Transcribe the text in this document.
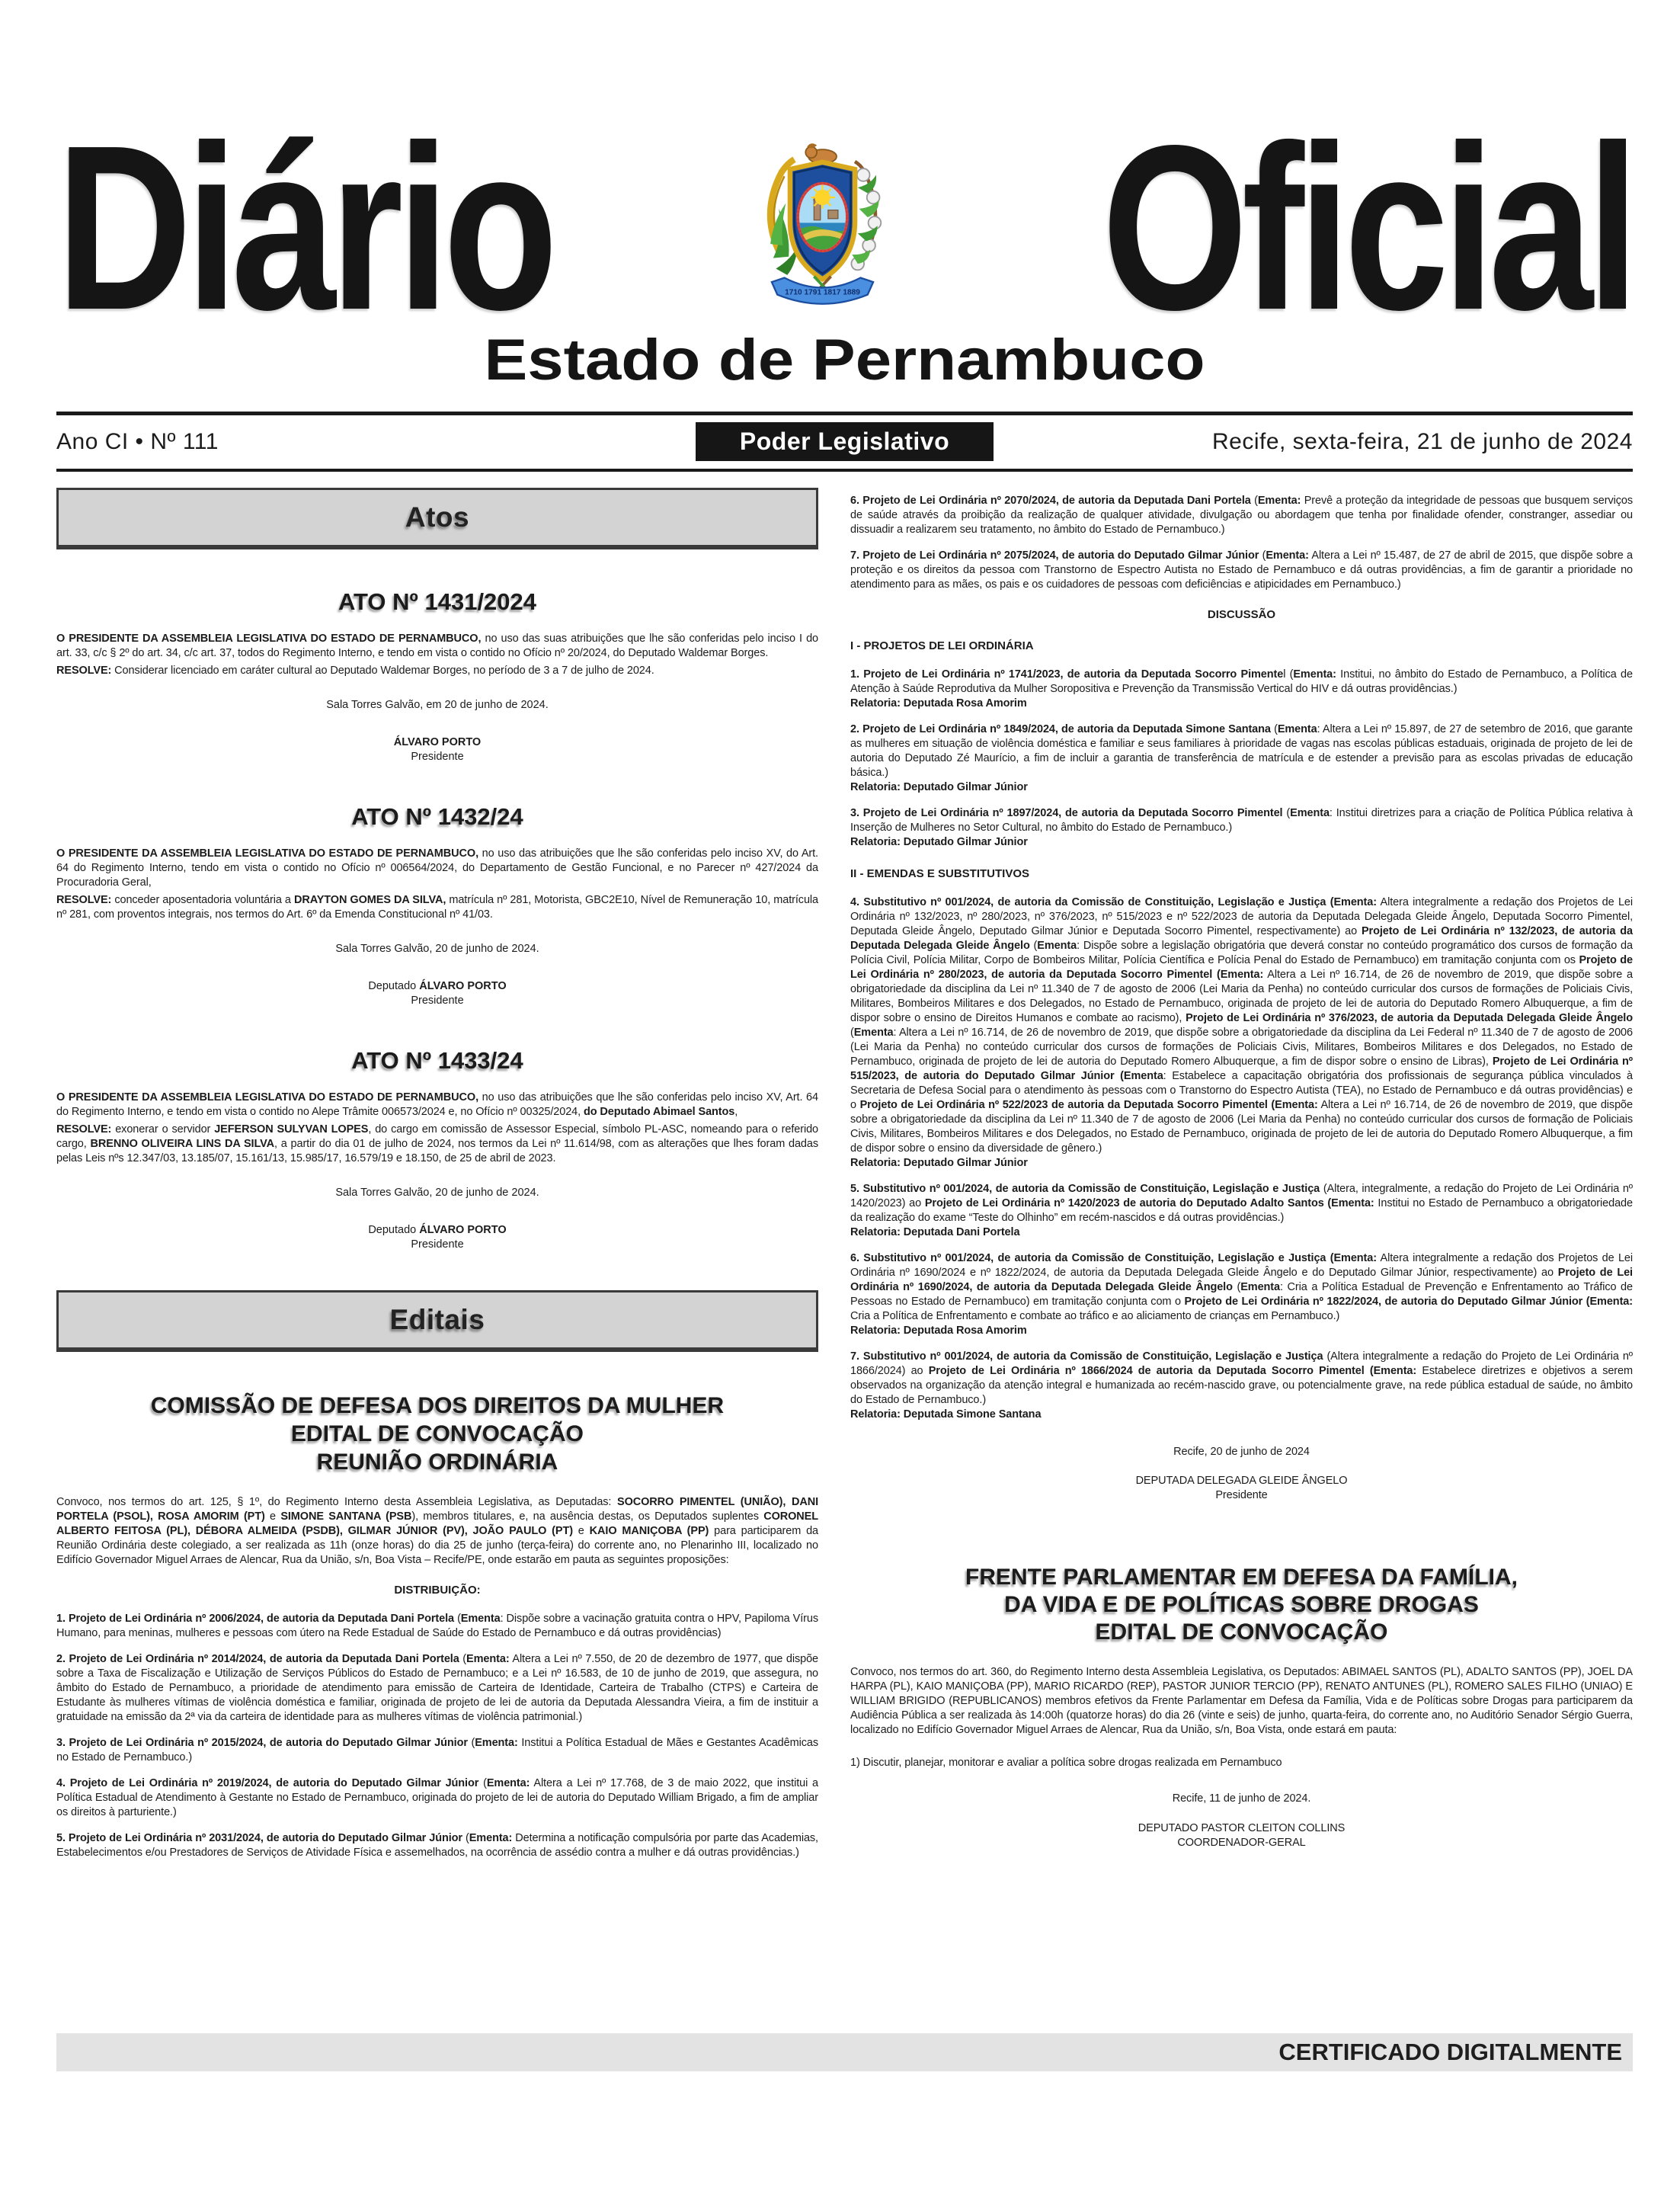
Diário	1710 1791 1817 1889 Oficial
Estado de Pernambuco
Ano CI • Nº 111	Poder Legislativo	Recife, sexta-feira, 21 de junho de 2024
Atos
ATO Nº 1431/2024

O PRESIDENTE DA ASSEMBLEIA LEGISLATIVA DO ESTADO DE PERNAMBUCO, no uso das suas atribuições que lhe são conferidas pelo inciso I do art. 33, c/c § 2º do art. 34, c/c art. 37, todos do Regimento Interno, e tendo em vista o contido no Ofício nº 20/2024, do Deputado Waldemar Borges.

RESOLVE: Considerar licenciado em caráter cultural ao Deputado Waldemar Borges, no período de 3 a 7 de julho de 2024.

Sala Torres Galvão, em 20 de junho de 2024.

ÁLVARO PORTO

Presidente

ATO Nº 1432/24

O PRESIDENTE DA ASSEMBLEIA LEGISLATIVA DO ESTADO DE PERNAMBUCO, no uso das atribuições que lhe são conferidas pelo inciso XV, do Art. 64 do Regimento Interno, tendo em vista o contido no Ofício nº 006564/2024, do Departamento de Gestão Funcional, e no Parecer nº 427/2024 da Procuradoria Geral,

RESOLVE: conceder aposentadoria voluntária a DRAYTON GOMES DA SILVA, matrícula nº 281, Motorista, GBC2E10, Nível de Remuneração 10, matrícula nº 281, com proventos integrais, nos termos do Art. 6º da Emenda Constitucional nº 41/03.

Sala Torres Galvão, 20 de junho de 2024.

Deputado ÁLVARO PORTO

Presidente

ATO Nº 1433/24

O PRESIDENTE DA ASSEMBLEIA LEGISLATIVA DO ESTADO DE PERNAMBUCO, no uso das atribuições que lhe são conferidas pelo inciso XV, Art. 64 do Regimento Interno, e tendo em vista o contido no Alepe Trâmite 006573/2024 e, no Ofício nº 00325/2024, do Deputado Abimael Santos,

RESOLVE: exonerar o servidor JEFERSON SULYVAN LOPES, do cargo em comissão de Assessor Especial, símbolo PL-ASC, nomeando para o referido cargo, BRENNO OLIVEIRA LINS DA SILVA, a partir do dia 01 de julho de 2024, nos termos da Lei nº 11.614/98, com as alterações que lhes foram dadas pelas Leis nºs 12.347/03, 13.185/07, 15.161/13, 15.985/17, 16.579/19 e 18.150, de 25 de abril de 2023.

Sala Torres Galvão, 20 de junho de 2024.

Deputado ÁLVARO PORTO

Presidente

Editais
COMISSÃO DE DEFESA DOS DIREITOS DA MULHER
EDITAL DE CONVOCAÇÃO
REUNIÃO ORDINÁRIA

Convoco, nos termos do art. 125, § 1º, do Regimento Interno desta Assembleia Legislativa, as Deputadas: SOCORRO PIMENTEL (UNIÃO), DANI PORTELA (PSOL), ROSA AMORIM (PT) e SIMONE SANTANA (PSB), membros titulares, e, na ausência destas, os Deputados suplentes CORONEL ALBERTO FEITOSA (PL), DÉBORA ALMEIDA (PSDB), GILMAR JÚNIOR (PV), JOÃO PAULO (PT) e KAIO MANIÇOBA (PP) para participarem da Reunião Ordinária deste colegiado, a ser realizada as 11h (onze horas) do dia 25 de junho (terça-feira) do corrente ano, no Plenarinho III, localizado no Edifício Governador Miguel Arraes de Alencar, Rua da União, s/n, Boa Vista – Recife/PE, onde estarão em pauta as seguintes proposições:

DISTRIBUIÇÃO:

1. Projeto de Lei Ordinária nº 2006/2024, de autoria da Deputada Dani Portela (Ementa: Dispõe sobre a vacinação gratuita contra o HPV, Papiloma Vírus Humano, para meninas, mulheres e pessoas com útero na Rede Estadual de Saúde do Estado de Pernambuco e dá outras providências)

2. Projeto de Lei Ordinária nº 2014/2024, de autoria da Deputada Dani Portela (Ementa: Altera a Lei nº 7.550, de 20 de dezembro de 1977, que dispõe sobre a Taxa de Fiscalização e Utilização de Serviços Públicos do Estado de Pernambuco; e a Lei nº 16.583, de 10 de junho de 2019, que assegura, no âmbito do Estado de Pernambuco, a prioridade de atendimento para emissão de Carteira de Identidade, Carteira de Trabalho (CTPS) e Carteira de Estudante às mulheres vítimas de violência doméstica e familiar, originada de projeto de lei de autoria da Deputada Alessandra Vieira, a fim de instituir a gratuidade na emissão da 2ª via da carteira de identidade para as mulheres vítimas de violência patrimonial.)

3. Projeto de Lei Ordinária nº 2015/2024, de autoria do Deputado Gilmar Júnior (Ementa: Institui a Política Estadual de Mães e Gestantes Acadêmicas no Estado de Pernambuco.)

4. Projeto de Lei Ordinária nº 2019/2024, de autoria do Deputado Gilmar Júnior (Ementa: Altera a Lei nº 17.768, de 3 de maio 2022, que institui a Política Estadual de Atendimento à Gestante no Estado de Pernambuco, originada do projeto de lei de autoria do Deputado William Brigado, a fim de ampliar os direitos à parturiente.)

5. Projeto de Lei Ordinária nº 2031/2024, de autoria do Deputado Gilmar Júnior (Ementa: Determina a notificação compulsória por parte das Academias, Estabelecimentos e/ou Prestadores de Serviços de Atividade Física e assemelhados, na ocorrência de assédio contra a mulher e dá outras providências.)

6. Projeto de Lei Ordinária nº 2070/2024, de autoria da Deputada Dani Portela (Ementa: Prevê a proteção da integridade de pessoas que busquem serviços de saúde através da proibição da realização de qualquer atividade, divulgação ou abordagem que tenha por finalidade ofender, constranger, assediar ou dissuadir a realizarem seu tratamento, no âmbito do Estado de Pernambuco.)

7. Projeto de Lei Ordinária nº 2075/2024, de autoria do Deputado Gilmar Júnior (Ementa: Altera a Lei nº 15.487, de 27 de abril de 2015, que dispõe sobre a proteção e os direitos da pessoa com Transtorno de Espectro Autista no Estado de Pernambuco e dá outras providências, a fim de garantir a prioridade no atendimento para as mães, os pais e os cuidadores de pessoas com deficiências e atipicidades em Pernambuco.)

DISCUSSÃO

I - PROJETOS DE LEI ORDINÁRIA

1. Projeto de Lei Ordinária nº 1741/2023, de autoria da Deputada Socorro Pimentel (Ementa: Institui, no âmbito do Estado de Pernambuco, a Política de Atenção à Saúde Reprodutiva da Mulher Soropositiva e Prevenção da Transmissão Vertical do HIV e dá outras providências.)

Relatoria: Deputada Rosa Amorim

2. Projeto de Lei Ordinária nº 1849/2024, de autoria da Deputada Simone Santana (Ementa: Altera a Lei nº 15.897, de 27 de setembro de 2016, que garante as mulheres em situação de violência doméstica e familiar e seus familiares à prioridade de vagas nas escolas públicas estaduais, originada de projeto de lei de autoria do Deputado Zé Maurício, a fim de incluir a garantia de transferência de matrícula e de estender a previsão para as escolas privadas de educação básica.)

Relatoria: Deputado Gilmar Júnior

3. Projeto de Lei Ordinária nº 1897/2024, de autoria da Deputada Socorro Pimentel (Ementa: Institui diretrizes para a criação de Política Pública relativa à Inserção de Mulheres no Setor Cultural, no âmbito do Estado de Pernambuco.)

Relatoria: Deputado Gilmar Júnior

II - EMENDAS E SUBSTITUTIVOS

4. Substitutivo nº 001/2024, de autoria da Comissão de Constituição, Legislação e Justiça (Ementa: Altera integralmente a redação dos Projetos de Lei Ordinária nº 132/2023, nº 280/2023, nº 376/2023, nº 515/2023 e nº 522/2023 de autoria da Deputada Delegada Gleide Ângelo, Deputada Socorro Pimentel, Deputada Gleide Ângelo, Deputado Gilmar Júnior e Deputada Socorro Pimentel, respectivamente) ao Projeto de Lei Ordinária nº 132/2023, de autoria da Deputada Delegada Gleide Ângelo (Ementa: Dispõe sobre a legislação obrigatória que deverá constar no conteúdo programático dos cursos de formação da Polícia Civil, Polícia Militar, Corpo de Bombeiros Militar, Polícia Científica e Polícia Penal do Estado de Pernambuco) em tramitação conjunta com os Projeto de Lei Ordinária nº 280/2023, de autoria da Deputada Socorro Pimentel (Ementa: Altera a Lei nº 16.714, de 26 de novembro de 2019, que dispõe sobre a obrigatoriedade da disciplina da Lei nº 11.340 de 7 de agosto de 2006 (Lei Maria da Penha) no conteúdo curricular dos cursos de formações de Policiais Civis, Militares, Bombeiros Militares e dos Delegados, no Estado de Pernambuco, originada de projeto de lei de autoria do Deputado Romero Albuquerque, a fim de dispor sobre o ensino de Direitos Humanos e combate ao racismo), Projeto de Lei Ordinária nº 376/2023, de autoria da Deputada Delegada Gleide Ângelo (Ementa: Altera a Lei nº 16.714, de 26 de novembro de 2019, que dispõe sobre a obrigatoriedade da disciplina da Lei Federal nº 11.340 de 7 de agosto de 2006 (Lei Maria da Penha) no conteúdo curricular dos cursos de formações de Policiais Civis, Militares, Bombeiros Militares e dos Delegados, no Estado de Pernambuco, originada de projeto de lei de autoria do Deputado Romero Albuquerque, a fim de dispor sobre o ensino de Libras), Projeto de Lei Ordinária nº 515/2023, de autoria do Deputado Gilmar Júnior (Ementa: Estabelece a capacitação obrigatória dos profissionais de segurança pública vinculados à Secretaria de Defesa Social para o atendimento às pessoas com o Transtorno do Espectro Autista (TEA), no Estado de Pernambuco e dá outras providências) e o Projeto de Lei Ordinária nº 522/2023 de autoria da Deputada Socorro Pimentel (Ementa: Altera a Lei nº 16.714, de 26 de novembro de 2019, que dispõe sobre a obrigatoriedade da disciplina da Lei nº 11.340 de 7 de agosto de 2006 (Lei Maria da Penha) no conteúdo curricular dos cursos de formação de Policiais Civis, Militares, Bombeiros Militares e dos Delegados, no Estado de Pernambuco, originada de projeto de lei de autoria do Deputado Romero Albuquerque, a fim de dispor sobre o ensino da diversidade de gênero.)

Relatoria: Deputado Gilmar Júnior

5. Substitutivo nº 001/2024, de autoria da Comissão de Constituição, Legislação e Justiça (Altera, integralmente, a redação do Projeto de Lei Ordinária nº 1420/2023) ao Projeto de Lei Ordinária nº 1420/2023 de autoria do Deputado Adalto Santos (Ementa: Institui no Estado de Pernambuco a obrigatoriedade da realização do exame “Teste do Olhinho” em recém-nascidos e dá outras providências.)

Relatoria: Deputada Dani Portela

6. Substitutivo nº 001/2024, de autoria da Comissão de Constituição, Legislação e Justiça (Ementa: Altera integralmente a redação dos Projetos de Lei Ordinária nº 1690/2024 e nº 1822/2024, de autoria da Deputada Delegada Gleide Ângelo e do Deputado Gilmar Júnior, respectivamente) ao Projeto de Lei Ordinária nº 1690/2024, de autoria da Deputada Delegada Gleide Ângelo (Ementa: Cria a Política Estadual de Prevenção e Enfrentamento ao Tráfico de Pessoas no Estado de Pernambuco) em tramitação conjunta com o Projeto de Lei Ordinária nº 1822/2024, de autoria do Deputado Gilmar Júnior (Ementa: Cria a Política de Enfrentamento e combate ao tráfico e ao aliciamento de crianças em Pernambuco.)

Relatoria: Deputada Rosa Amorim

7. Substitutivo nº 001/2024, de autoria da Comissão de Constituição, Legislação e Justiça (Altera integralmente a redação do Projeto de Lei Ordinária nº 1866/2024) ao Projeto de Lei Ordinária nº 1866/2024 de autoria da Deputada Socorro Pimentel (Ementa: Estabelece diretrizes e objetivos a serem observados na organização da atenção integral e humanizada ao recém-nascido grave, ou potencialmente grave, na rede pública estadual de saúde, no âmbito do Estado de Pernambuco.)

Relatoria: Deputada Simone Santana

Recife, 20 de junho de 2024

DEPUTADA DELEGADA GLEIDE ÂNGELO

Presidente

FRENTE PARLAMENTAR EM DEFESA DA FAMÍLIA,
DA VIDA E DE POLÍTICAS SOBRE DROGAS
EDITAL DE CONVOCAÇÃO

Convoco, nos termos do art. 360, do Regimento Interno desta Assembleia Legislativa, os Deputados: ABIMAEL SANTOS (PL), ADALTO SANTOS (PP), JOEL DA HARPA (PL), KAIO MANIÇOBA (PP), MARIO RICARDO (REP), PASTOR JUNIOR TERCIO (PP), RENATO ANTUNES (PL), ROMERO SALES FILHO (UNIAO) E WILLIAM BRIGIDO (REPUBLICANOS) membros efetivos da Frente Parlamentar em Defesa da Família, Vida e de Políticas sobre Drogas para participarem da Audiência Pública a ser realizada às 14:00h (quatorze horas) do dia 26 (vinte e seis) de junho, quarta-feira, do corrente ano, no Auditório Senador Sérgio Guerra, localizado no Edifício Governador Miguel Arraes de Alencar, Rua da União, s/n, Boa Vista, onde estará em pauta:

1) Discutir, planejar, monitorar e avaliar a política sobre drogas realizada em Pernambuco

Recife, 11 de junho de 2024.

DEPUTADO PASTOR CLEITON COLLINS

COORDENADOR-GERAL

CERTIFICADO DIGITALMENTE
